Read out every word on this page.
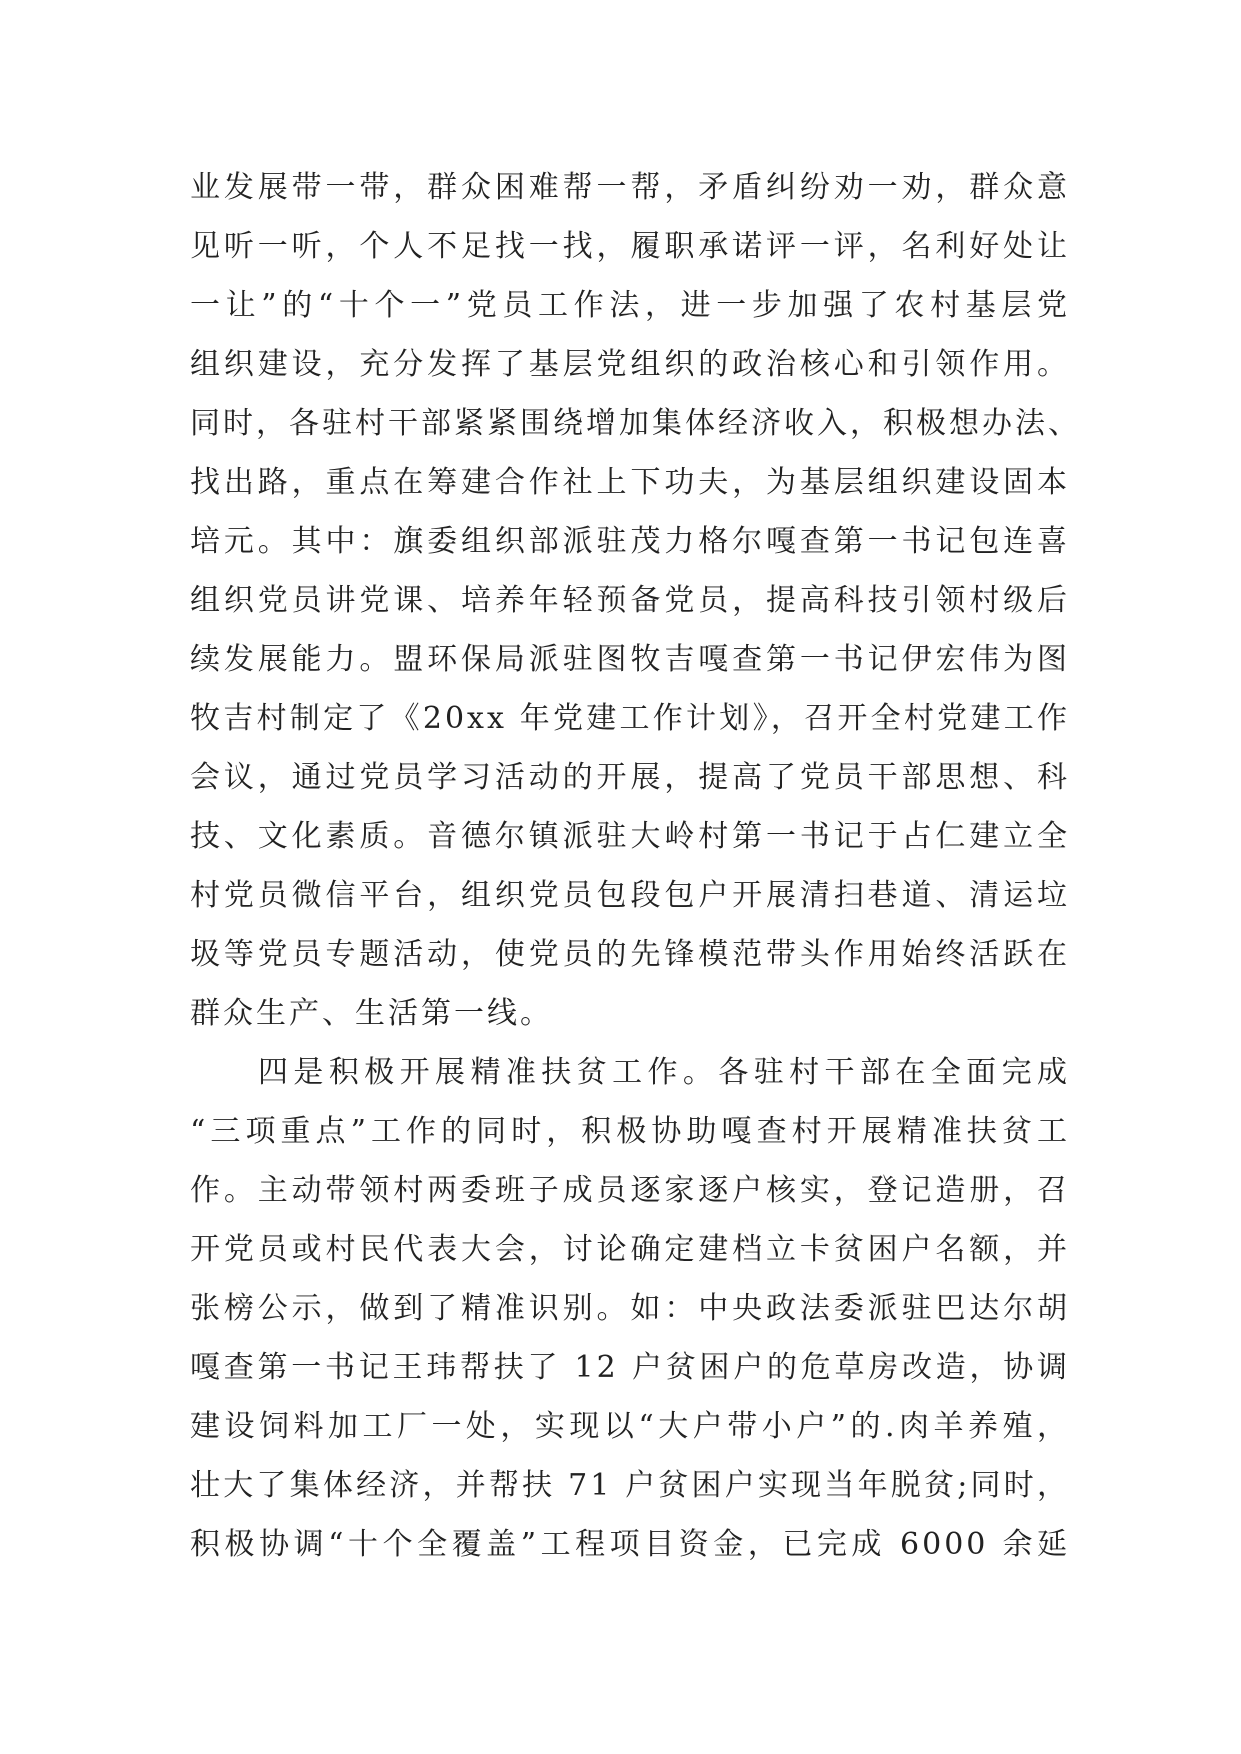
业发展带一带，群众困难帮一帮，矛盾纠纷劝一劝，群众意
见听一听，个人不足找一找，履职承诺评一评，名利好处让
一让”的“十个一”党员工作法，进一步加强了农村基层党
组织建设，充分发挥了基层党组织的政治核心和引领作用。
同时，各驻村干部紧紧围绕增加集体经济收入，积极想办法、
找出路，重点在筹建合作社上下功夫，为基层组织建设固本
培元。其中：旗委组织部派驻茂力格尔嘎查第一书记包连喜
组织党员讲党课、培养年轻预备党员，提高科技引领村级后
续发展能力。盟环保局派驻图牧吉嘎查第一书记伊宏伟为图
牧吉村制定了《20xx 年党建工作计划》，召开全村党建工作
会议，通过党员学习活动的开展，提高了党员干部思想、科
技、文化素质。音德尔镇派驻大岭村第一书记于占仁建立全
村党员微信平台，组织党员包段包户开展清扫巷道、清运垃
圾等党员专题活动，使党员的先锋模范带头作用始终活跃在
群众生产、生活第一线。
四是积极开展精准扶贫工作。各驻村干部在全面完成
“三项重点”工作的同时，积极协助嘎查村开展精准扶贫工
作。主动带领村两委班子成员逐家逐户核实，登记造册，召
开党员或村民代表大会，讨论确定建档立卡贫困户名额，并
张榜公示，做到了精准识别。如：中央政法委派驻巴达尔胡
嘎查第一书记王玮帮扶了 12 户贫困户的危草房改造，协调
建设饲料加工厂一处，实现以“大户带小户”的.肉羊养殖，
壮大了集体经济，并帮扶 71 户贫困户实现当年脱贫;同时，
积极协调“十个全覆盖”工程项目资金，已完成 6000 余延
